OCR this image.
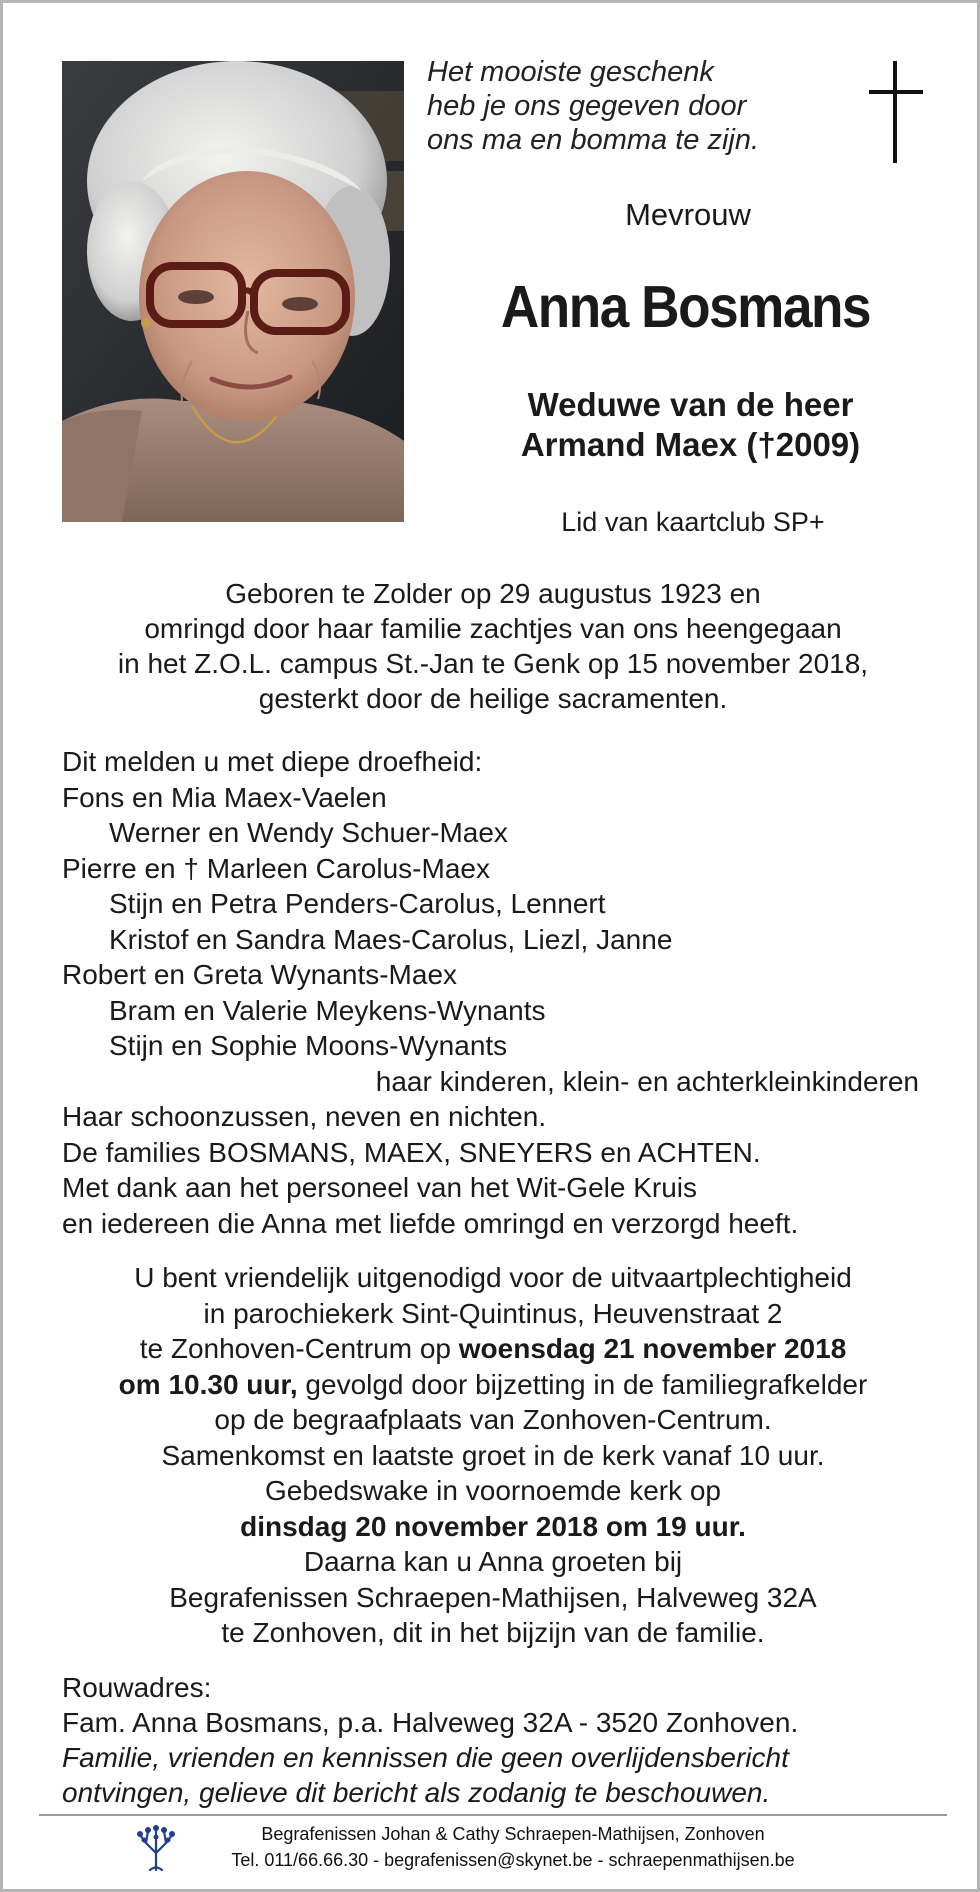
Het mooiste geschenk
heb je ons gegeven door
ons ma en bomma te zijn.
Mevrouw
Anna Bosmans
Weduwe van de heer
Armand Maex (†2009)
Lid van kaartclub SP+
Geboren te Zolder op 29 augustus 1923 en
omringd door haar familie zachtjes van ons heengegaan
in het Z.O.L. campus St.-Jan te Genk op 15 november 2018,
gesterkt door de heilige sacramenten.
Dit melden u met diepe droefheid:
Fons en Mia Maex-Vaelen
Werner en Wendy Schuer-Maex
Pierre en † Marleen Carolus-Maex
Stijn en Petra Penders-Carolus, Lennert
Kristof en Sandra Maes-Carolus, Liezl, Janne
Robert en Greta Wynants-Maex
Bram en Valerie Meykens-Wynants
Stijn en Sophie Moons-Wynants
haar kinderen, klein- en achterkleinkinderen
Haar schoonzussen, neven en nichten.
De families BOSMANS, MAEX, SNEYERS en ACHTEN.
Met dank aan het personeel van het Wit-Gele Kruis
en iedereen die Anna met liefde omringd en verzorgd heeft.
U bent vriendelijk uitgenodigd voor de uitvaartplechtigheid
in parochiekerk Sint-Quintinus, Heuvenstraat 2
te Zonhoven-Centrum op woensdag 21 november 2018
om 10.30 uur, gevolgd door bijzetting in de familiegrafkelder
op de begraafplaats van Zonhoven-Centrum.
Samenkomst en laatste groet in de kerk vanaf 10 uur.
Gebedswake in voornoemde kerk op
dinsdag 20 november 2018 om 19 uur.
Daarna kan u Anna groeten bij
Begrafenissen Schraepen-Mathijsen, Halveweg 32A
te Zonhoven, dit in het bijzijn van de familie.
Rouwadres:
Fam. Anna Bosmans, p.a. Halveweg 32A - 3520 Zonhoven.
Familie, vrienden en kennissen die geen overlijdensbericht
ontvingen, gelieve dit bericht als zodanig te beschouwen.
Begrafenissen Johan & Cathy Schraepen-Mathijsen, Zonhoven
Tel. 011/66.66.30 - begrafenissen@skynet.be - schraepenmathijsen.be
